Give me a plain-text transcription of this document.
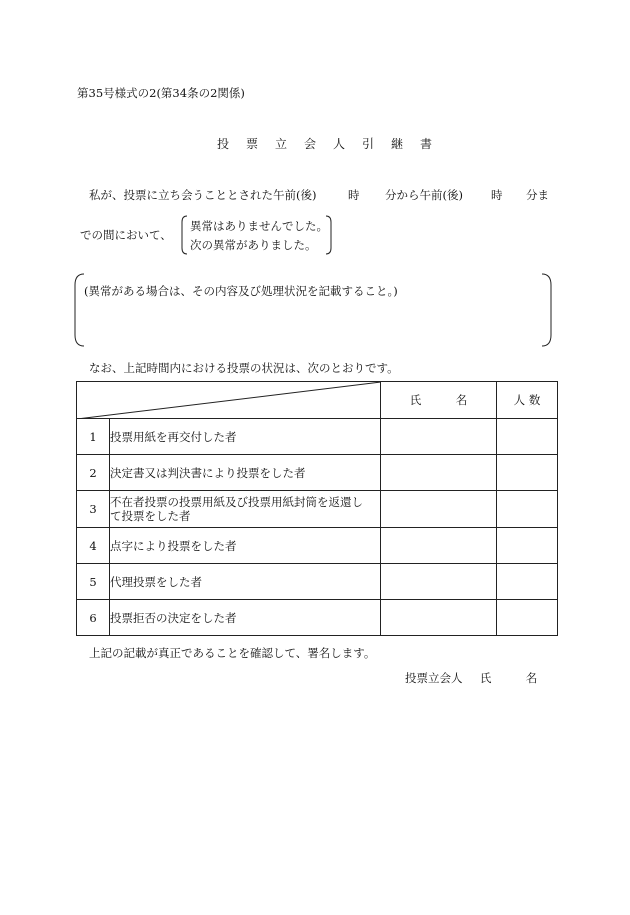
第35号様式の2(第34条の2関係)
投票立会人引継書
私が、投票に立ち会うこととされた午前(後)	時 分から午前(後) 時 分ま
での間において、
異常はありませんでした。
次の異常がありました。
(異常がある場合は、その内容及び処理状況を記載すること。)
なお、上記時間内における投票の状況は、次のとおりです。
	氏　　　名	人 数
1	投票用紙を再交付した者		
2	決定書又は判決書により投票をした者		
3	不在者投票の投票用紙及び投票用紙封筒を返還して投票をした者		
4	点字により投票をした者		
5	代理投票をした者		
6	投票拒否の決定をした者		
上記の記載が真正であることを確認して、署名します。
投票立会人 氏　　　名
